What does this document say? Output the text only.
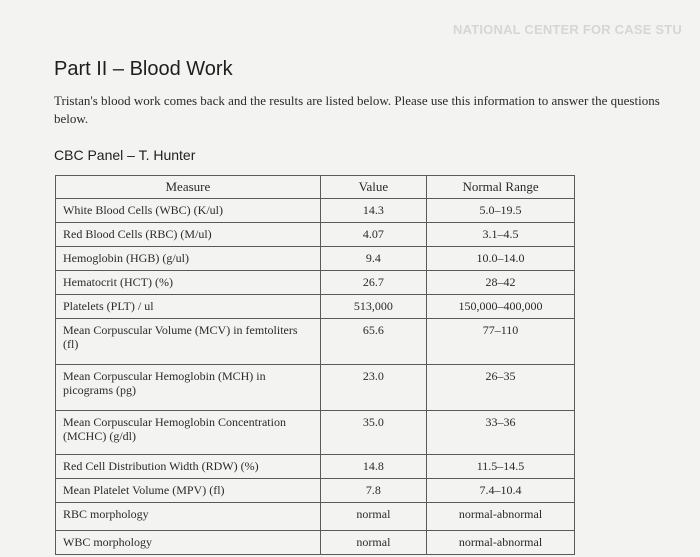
NATIONAL CENTER FOR CASE STU
Part II – Blood Work
Tristan's blood work comes back and the results are listed below. Please use this information to answer the questions below.
CBC Panel – T. Hunter
Measure	Value	Normal Range
White Blood Cells (WBC) (K/ul)	14.3	5.0–19.5
Red Blood Cells (RBC) (M/ul)	4.07	3.1–4.5
Hemoglobin (HGB) (g/ul)	9.4	10.0–14.0
Hematocrit (HCT) (%)	26.7	28–42
Platelets (PLT) / ul	513,000	150,000–400,000
Mean Corpuscular Volume (MCV) in femtoliters (fl)	65.6	77–110
Mean Corpuscular Hemoglobin (MCH) in picograms (pg)	23.0	26–35
Mean Corpuscular Hemoglobin Concentration (MCHC) (g/dl)	35.0	33–36
Red Cell Distribution Width (RDW) (%)	14.8	11.5–14.5
Mean Platelet Volume (MPV) (fl)	7.8	7.4–10.4
RBC morphology	normal	normal-abnormal
WBC morphology	normal	normal-abnormal
